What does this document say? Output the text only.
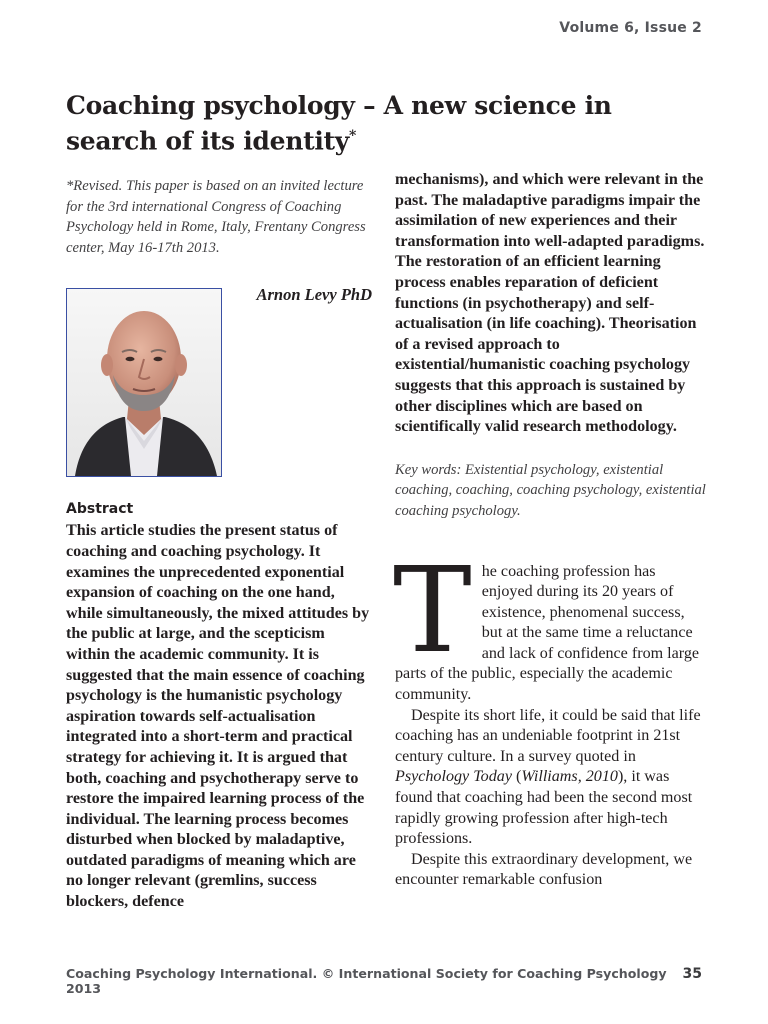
Volume 6, Issue 2
Coaching psychology – A new science in search of its identity*

*Revised. This paper is based on an invited lecture for the 3rd international Congress of Coaching Psychology held in Rome, Italy, Frentany Congress center, May 16-17th 2013.

Arnon Levy PhD
Abstract

This article studies the present status of coaching and coaching psychology. It examines the unprecedented exponential expansion of coaching on the one hand, while simultaneously, the mixed attitudes by the public at large, and the scepticism within the academic community. It is suggested that the main essence of coaching psychology is the humanistic psychology aspiration towards self-actualisation integrated into a short-term and practical strategy for achieving it. It is argued that both, coaching and psychotherapy serve to restore the impaired learning process of the individual. The learning process becomes disturbed when blocked by maladaptive, outdated paradigms of meaning which are no longer relevant (gremlins, success blockers, defence

mechanisms), and which were relevant in the past. The maladaptive paradigms impair the assimilation of new experiences and their transformation into well-adapted paradigms. The restoration of an efficient learning process enables reparation of deficient functions (in psychotherapy) and self-actualisation (in life coaching). Theorisation of a revised approach to existential/humanistic coaching psychology suggests that this approach is sustained by other disciplines which are based on scientifically valid research methodology.

Key words: Existential psychology, existential coaching, coaching, coaching psychology, existential coaching psychology.

The coaching profession has enjoyed during its 20 years of existence, phenomenal success, but at the same time a reluctance and lack of confidence from large parts of the public, especially the academic community.

Despite its short life, it could be said that life coaching has an undeniable footprint in 21st century culture. In a survey quoted in Psychology Today (Williams, 2010), it was found that coaching had been the second most rapidly growing profession after high-tech professions.

Despite this extraordinary development, we encounter remarkable confusion

Coaching Psychology International. © International Society for Coaching Psychology 2013
35
